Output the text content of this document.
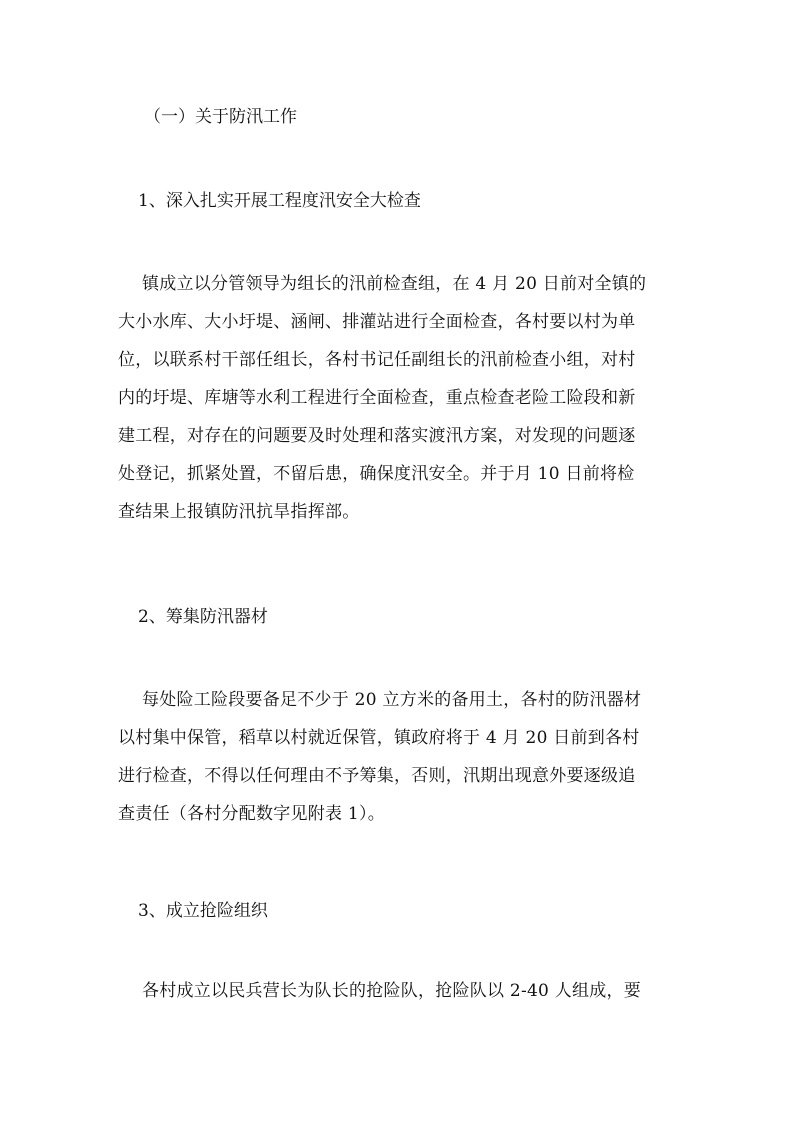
（一）关于防汛工作
1、深入扎实开展工程度汛安全大检查
镇成立以分管领导为组长的汛前检查组，在 4 月 20 日前对全镇的
大小水库、大小圩堤、涵闸、排灌站进行全面检查，各村要以村为单
位，以联系村干部任组长，各村书记任副组长的汛前检查小组，对村
内的圩堤、库塘等水利工程进行全面检查，重点检查老险工险段和新
建工程，对存在的问题要及时处理和落实渡汛方案，对发现的问题逐
处登记，抓紧处置，不留后患，确保度汛安全。并于月 10 日前将检
查结果上报镇防汛抗旱指挥部。
2、筹集防汛器材
每处险工险段要备足不少于 20 立方米的备用土，各村的防汛器材
以村集中保管，稻草以村就近保管，镇政府将于 4 月 20 日前到各村
进行检查，不得以任何理由不予筹集，否则，汛期出现意外要逐级追
查责任（各村分配数字见附表 1）。
3、成立抢险组织
各村成立以民兵营长为队长的抢险队，抢险队以 2-40 人组成，要
